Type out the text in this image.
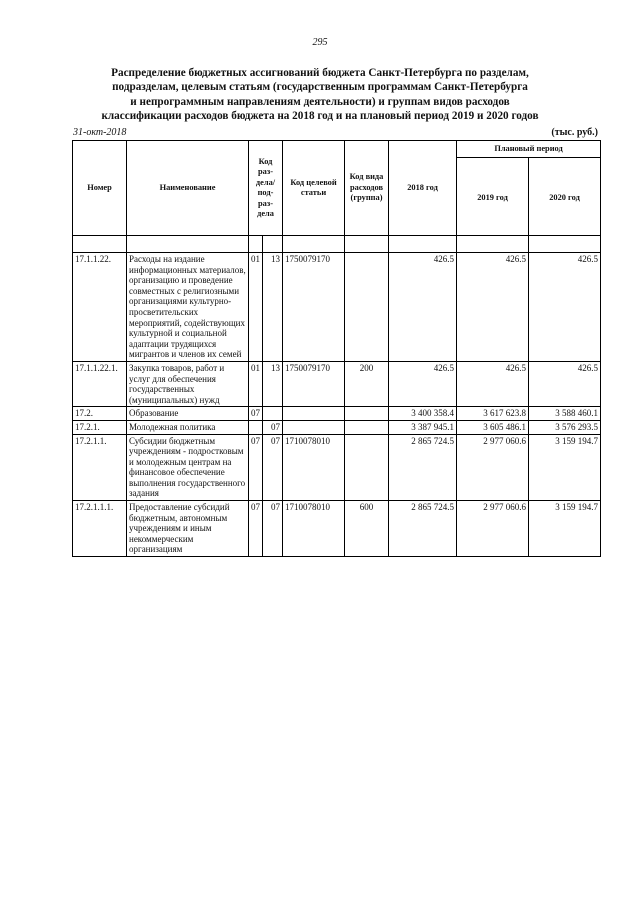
295
Распределение бюджетных ассигнований бюджета Санкт-Петербурга по разделам,
подразделам, целевым статьям (государственным программам Санкт-Петербурга
и непрограммным направлениям деятельности) и группам видов расходов
классификации расходов бюджета на 2018 год и на плановый период 2019 и 2020 годов
31-окт-2018	(тыс. руб.)
Номер	Наименование	Код раз-дела/ под-раз-дела		Код целевой статьи	Код вида расходов (группа)	2018 год	Плановый период	
							2019 год	2020 год

17.1.1.22.	Расходы на издание информационных материалов, организацию и проведение совместных с религиозными организациями культурно-просветительских мероприятий, содействующих культурной и социальной адаптации трудящихся мигрантов и членов их семей	01	13	1750079170		426.5	426.5	426.5
17.1.1.22.1.	Закупка товаров, работ и услуг для обеспечения государственных (муниципальных) нужд	01	13	1750079170	200	426.5	426.5	426.5
17.2.	Образование	07				3 400 358.4	3 617 623.8	3 588 460.1
17.2.1.	Молодежная политика		07			3 387 945.1	3 605 486.1	3 576 293.5
17.2.1.1.	Субсидии бюджетным учреждениям - подростковым и молодежным центрам на финансовое обеспечение выполнения государственного задания	07	07	1710078010		2 865 724.5	2 977 060.6	3 159 194.7
17.2.1.1.1.	Предоставление субсидий бюджетным, автономным учреждениям и иным некоммерческим организациям	07	07	1710078010	600	2 865 724.5	2 977 060.6	3 159 194.7
